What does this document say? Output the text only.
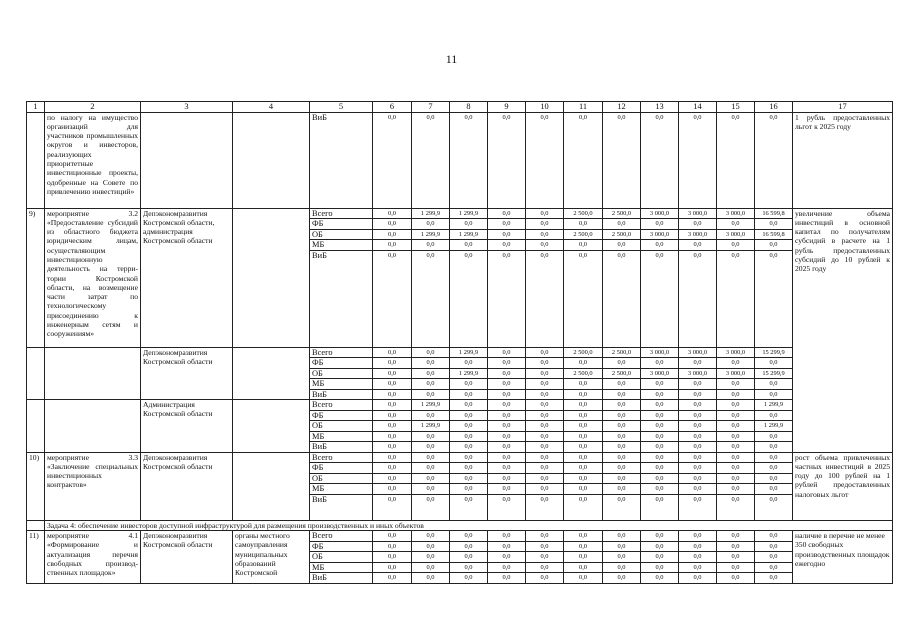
11
1	2	3	4	5	6	7	8	9	10	11	12	13	14	15	16	17
	по налогу на имущество организаций для участников промышленных округов и инвесторов, реализующих приоритетные инвестиционные проекты, одобренные на Совете по привлечению инвестиций»			ВиБ	0,0	0,0	0,0	0,0	0,0	0,0	0,0	0,0	0,0	0,0	0,0	1 рубль предоставленных льгот к 2025 году
9)	мероприятие 3.2 «Предоставление субсидий из областного бюджета юридическим лицам, осуществляющим инвестиционную деятельность на территории Костромской области, на возмещение части затрат по технологическому присоединению к инженерным сетям и сооружениям»	Депэкономразвития Костромской области, администрация Костромской области		Всего	0,0	1 299,9	1 299,9	0,0	0,0	2 500,0	2 500,0	3 000,0	3 000,0	3 000,0	16 599,8	увеличение объема инвестиций в основной капитал по получателям субсидий в расчете на 1 рубль предоставленных субсидий до 10 рублей к 2025 году
				ФБ	0,0	0,0	0,0	0,0	0,0	0,0	0,0	0,0	0,0	0,0	0,0	
				ОБ	0,0	1 299,9	1 299,9	0,0	0,0	2 500,0	2 500,0	3 000,0	3 000,0	3 000,0	16 599,8	
				МБ	0,0	0,0	0,0	0,0	0,0	0,0	0,0	0,0	0,0	0,0	0,0	
				ВиБ	0,0	0,0	0,0	0,0	0,0	0,0	0,0	0,0	0,0	0,0	0,0	
		Депэкономразвития Костромской области		Всего	0,0	0,0	1 299,9	0,0	0,0	2 500,0	2 500,0	3 000,0	3 000,0	3 000,0	15 299,9	
				ФБ	0,0	0,0	0,0	0,0	0,0	0,0	0,0	0,0	0,0	0,0	0,0	
				ОБ	0,0	0,0	1 299,9	0,0	0,0	2 500,0	2 500,0	3 000,0	3 000,0	3 000,0	15 299,9	
				МБ	0,0	0,0	0,0	0,0	0,0	0,0	0,0	0,0	0,0	0,0	0,0	
				ВиБ	0,0	0,0	0,0	0,0	0,0	0,0	0,0	0,0	0,0	0,0	0,0	
		Администрация Костромской области		Всего	0,0	1 299,9	0,0	0,0	0,0	0,0	0,0	0,0	0,0	0,0	1 299,9	
				ФБ	0,0	0,0	0,0	0,0	0,0	0,0	0,0	0,0	0,0	0,0	0,0	
				ОБ	0,0	1 299,9	0,0	0,0	0,0	0,0	0,0	0,0	0,0	0,0	1 299,9	
				МБ	0,0	0,0	0,0	0,0	0,0	0,0	0,0	0,0	0,0	0,0	0,0	
				ВиБ	0,0	0,0	0,0	0,0	0,0	0,0	0,0	0,0	0,0	0,0	0,0	
10)	мероприятие 3.3 «Заключение специальных инвестиционных контрактов»	Депэкономразвития Костромской области		Всего	0,0	0,0	0,0	0,0	0,0	0,0	0,0	0,0	0,0	0,0	0,0	рост объема привлеченных частных инвестиций в 2025 году до 100 рублей на 1 рублей предоставленных налоговых льгот
				ФБ	0,0	0,0	0,0	0,0	0,0	0,0	0,0	0,0	0,0	0,0	0,0	
				ОБ	0,0	0,0	0,0	0,0	0,0	0,0	0,0	0,0	0,0	0,0	0,0	
				МБ	0,0	0,0	0,0	0,0	0,0	0,0	0,0	0,0	0,0	0,0	0,0	
				ВиБ	0,0	0,0	0,0	0,0	0,0	0,0	0,0	0,0	0,0	0,0	0,0	
	Задача 4: обеспечение инвесторов доступной инфраструктурой для размещения производственных и иных объектов															
11)	мероприятие 4.1 «Формирование и актуализация перечня свободных производственных площадок»	Депэкономразвития Костромской области	органы местного самоуправления муниципальных образований Костромской	Всего	0,0	0,0	0,0	0,0	0,0	0,0	0,0	0,0	0,0	0,0	0,0	наличие в перечне не менее 350 свободных производственных площадок ежегодно
				ФБ	0,0	0,0	0,0	0,0	0,0	0,0	0,0	0,0	0,0	0,0	0,0	
				ОБ	0,0	0,0	0,0	0,0	0,0	0,0	0,0	0,0	0,0	0,0	0,0	
				МБ	0,0	0,0	0,0	0,0	0,0	0,0	0,0	0,0	0,0	0,0	0,0	
				ВиБ	0,0	0,0	0,0	0,0	0,0	0,0	0,0	0,0	0,0	0,0	0,0	
